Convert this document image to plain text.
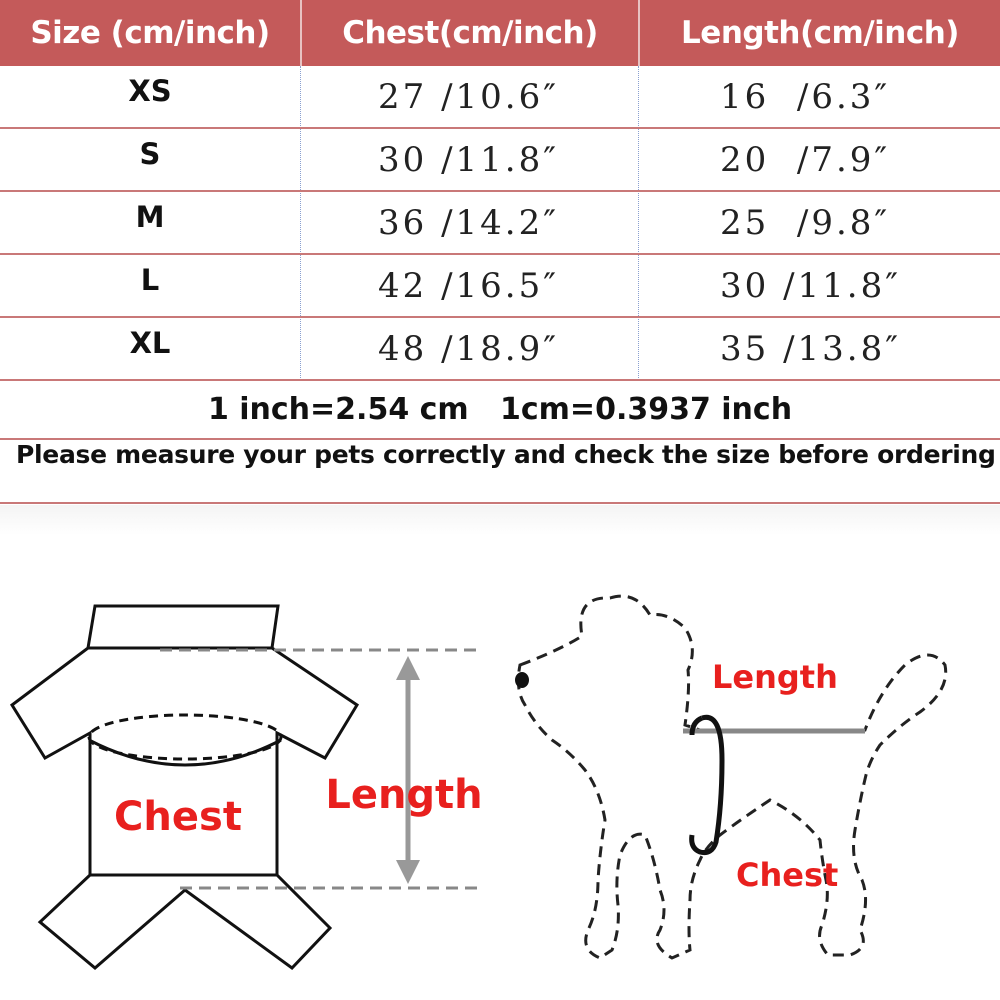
Size (cm/inch)	Chest(cm/inch)	Length(cm/inch)
XS	27 /10.6″	16  /6.3″
S	30 /11.8″	20  /7.9″
M	36 /14.2″	25  /9.8″
L	42 /16.5″	30 /11.8″
XL	48 /18.9″	35 /13.8″
1 inch=2.54 cm   1cm=0.3937 inch
Please measure your pets correctly and check the size before ordering
Chest Length
Length
Chest
